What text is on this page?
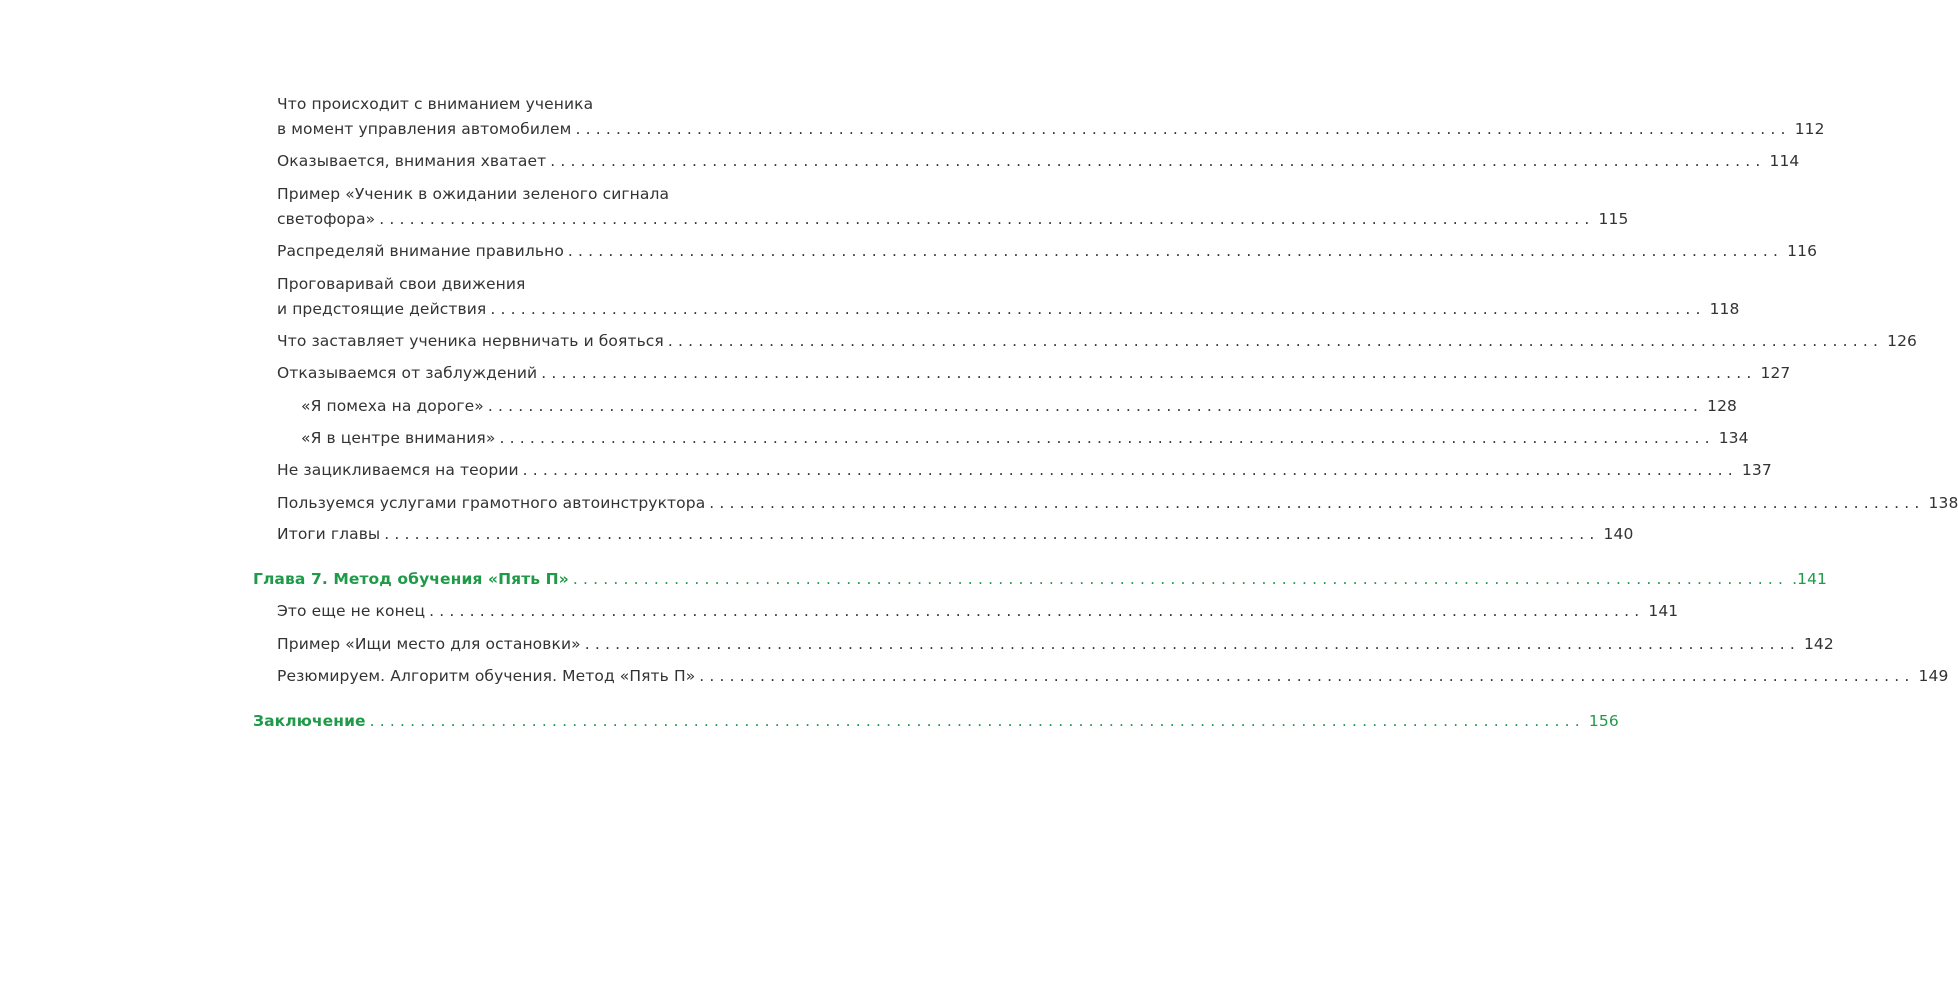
Что происходит с вниманием ученика
в момент управления автомобилем ........................................................................................................................ 112
Оказывается, внимания хватает ........................................................................................................................ 114
Пример «Ученик в ожидании зеленого сигнала
светофора» ........................................................................................................................ 115
Распределяй внимание правильно ........................................................................................................................ 116
Проговаривай свои движения
и предстоящие действия ........................................................................................................................ 118
Что заставляет ученика нервничать и бояться ........................................................................................................................ 126
Отказываемся от заблуждений ........................................................................................................................ 127
«Я помеха на дороге» ........................................................................................................................ 128
«Я в центре внимания» ........................................................................................................................ 134
Не зацикливаемся на теории ........................................................................................................................ 137
Пользуемся услугами грамотного автоинструктора ........................................................................................................................ 138
Итоги главы ........................................................................................................................ 140
Глава 7. Метод обучения «Пять П» ........................................................................................................................ .141
Это еще не конец ........................................................................................................................ 141
Пример «Ищи место для остановки» ........................................................................................................................ 142
Резюмируем. Алгоритм обучения. Метод «Пять П» ........................................................................................................................ 149
Заключение ........................................................................................................................ 156
